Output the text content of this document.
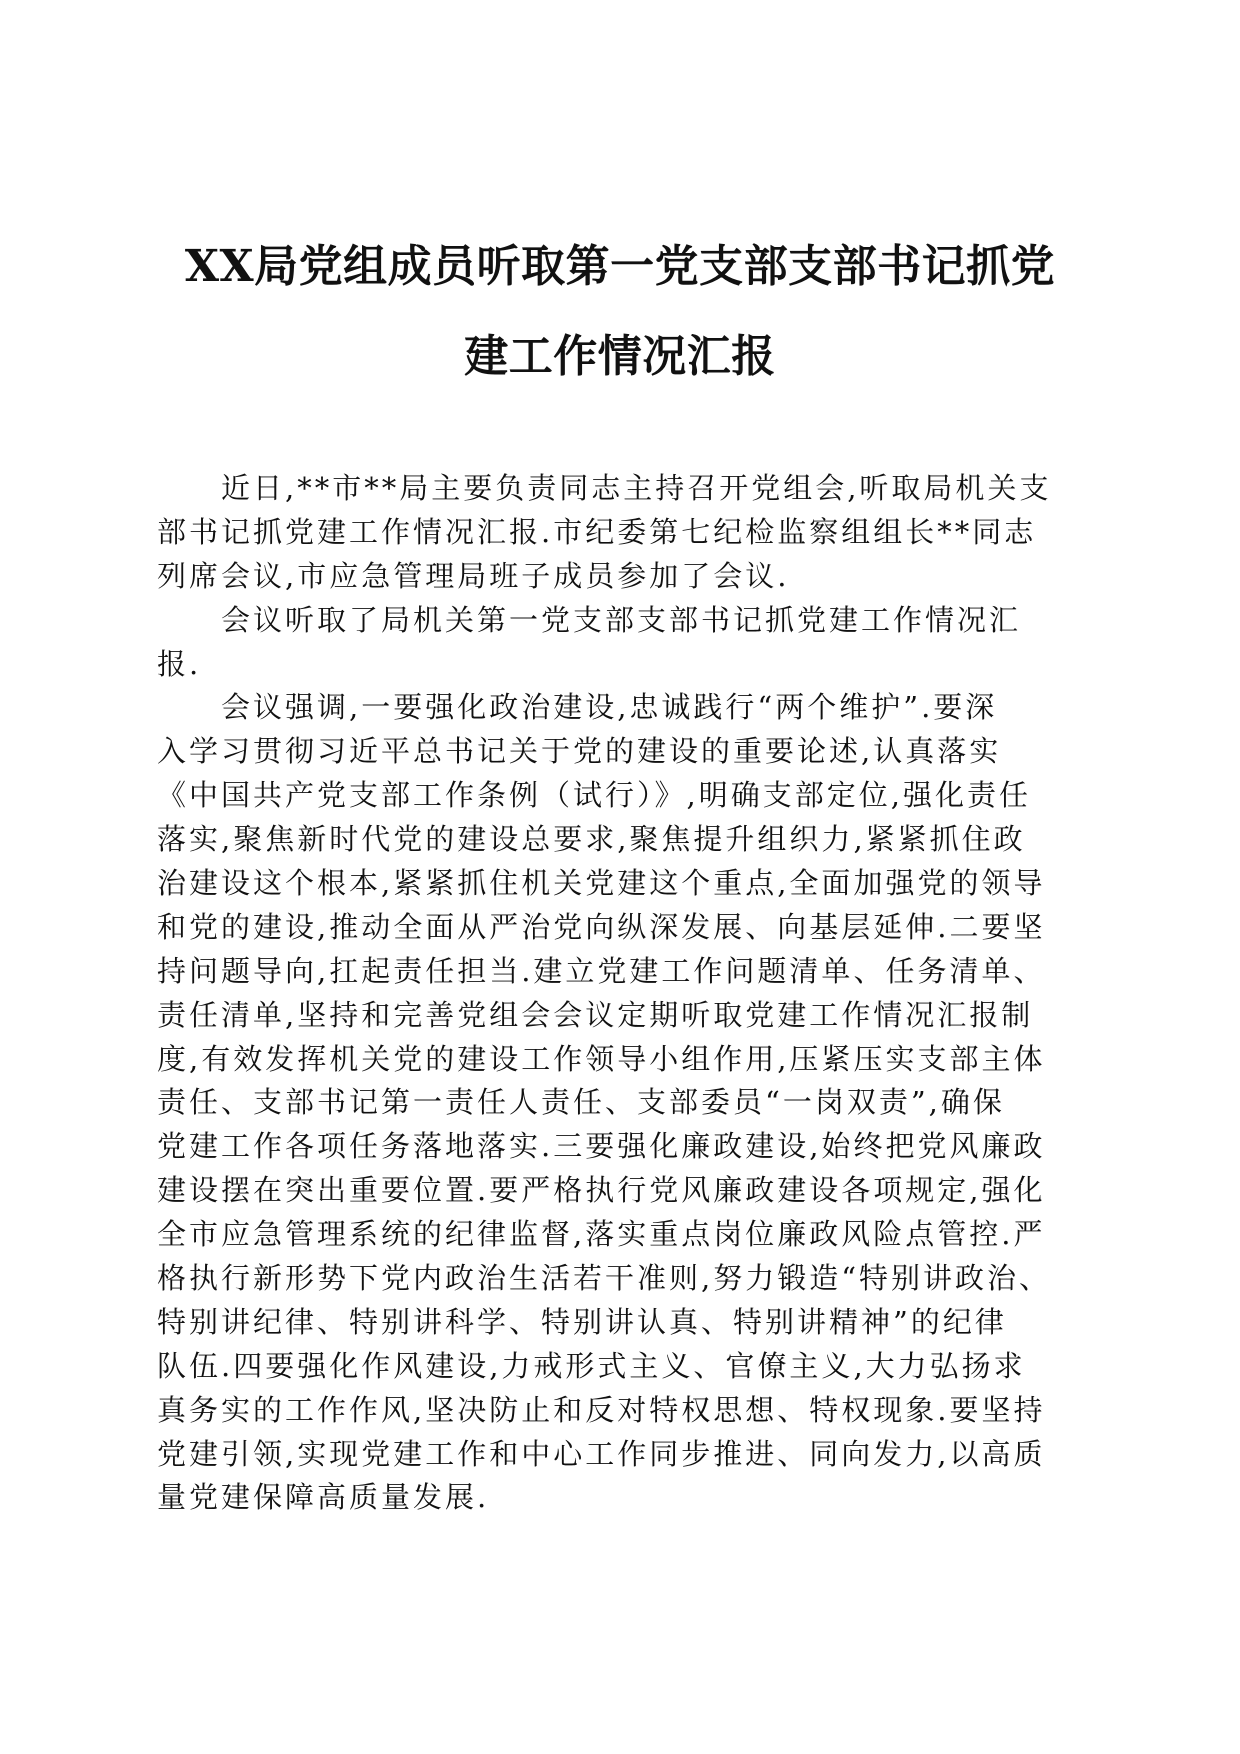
XX局党组成员听取第一党支部支部书记抓党
建工作情况汇报
近日,**市**局主要负责同志主持召开党组会,听取局机关支
部书记抓党建工作情况汇报.市纪委第七纪检监察组组长**同志
列席会议,市应急管理局班子成员参加了会议.
会议听取了局机关第一党支部支部书记抓党建工作情况汇
报.
会议强调,一要强化政治建设,忠诚践行“两个维护”.要深
入学习贯彻习近平总书记关于党的建设的重要论述,认真落实
《中国共产党支部工作条例（试行）》,明确支部定位,强化责任
落实,聚焦新时代党的建设总要求,聚焦提升组织力,紧紧抓住政
治建设这个根本,紧紧抓住机关党建这个重点,全面加强党的领导
和党的建设,推动全面从严治党向纵深发展、向基层延伸.二要坚
持问题导向,扛起责任担当.建立党建工作问题清单、任务清单、
责任清单,坚持和完善党组会会议定期听取党建工作情况汇报制
度,有效发挥机关党的建设工作领导小组作用,压紧压实支部主体
责任、支部书记第一责任人责任、支部委员“一岗双责”,确保
党建工作各项任务落地落实.三要强化廉政建设,始终把党风廉政
建设摆在突出重要位置.要严格执行党风廉政建设各项规定,强化
全市应急管理系统的纪律监督,落实重点岗位廉政风险点管控.严
格执行新形势下党内政治生活若干准则,努力锻造“特别讲政治、
特别讲纪律、特别讲科学、特别讲认真、特别讲精神”的纪律
队伍.四要强化作风建设,力戒形式主义、官僚主义,大力弘扬求
真务实的工作作风,坚决防止和反对特权思想、特权现象.要坚持
党建引领,实现党建工作和中心工作同步推进、同向发力,以高质
量党建保障高质量发展.
